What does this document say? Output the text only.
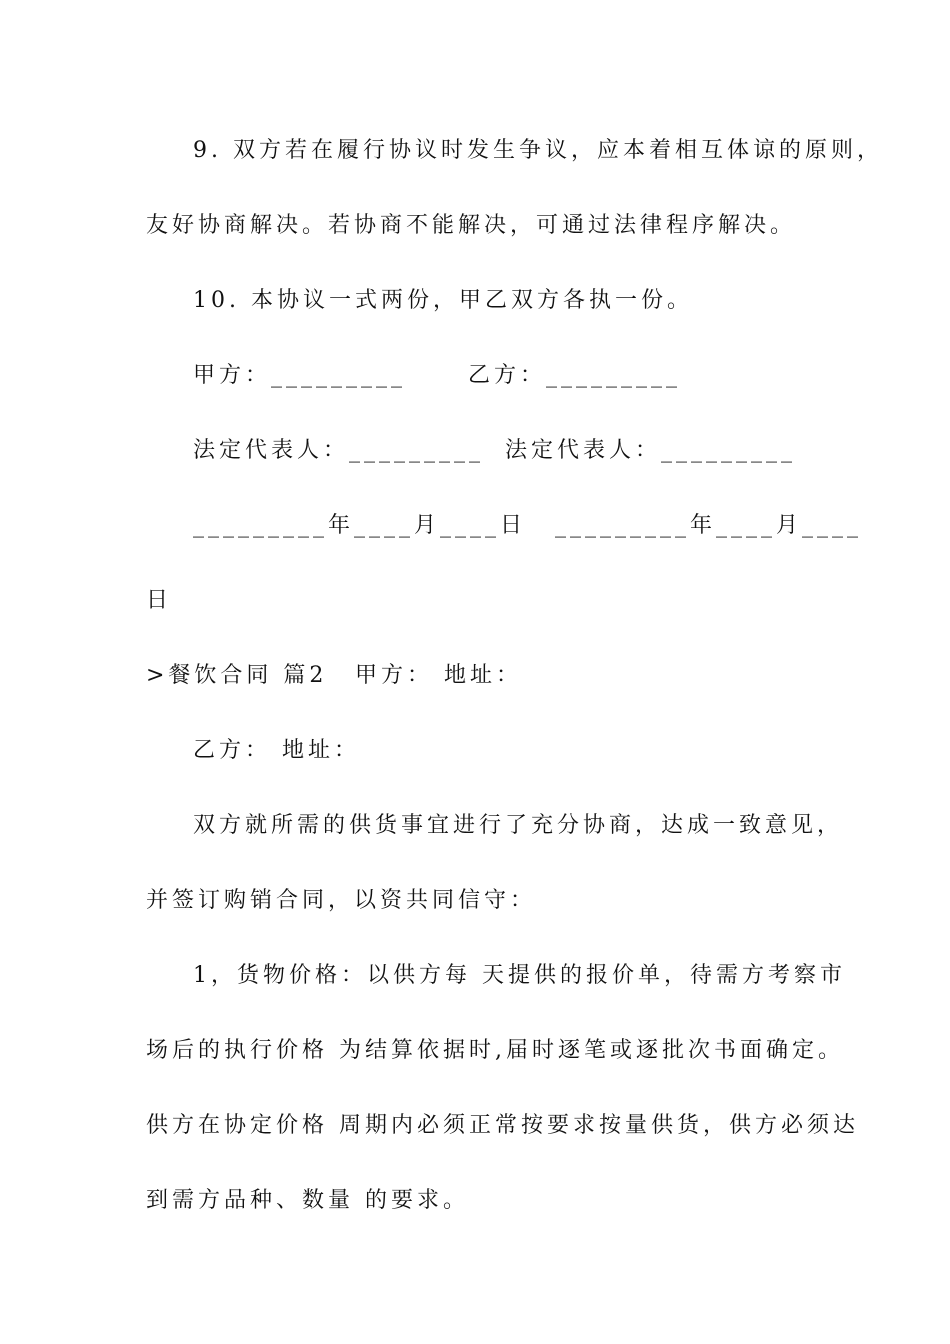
9. 双方若在履行协议时发生争议，应本着相互体谅的原则，
友好协商解决。若协商不能解决，可通过法律程序解决。
10. 本协议一式两份，甲乙双方各执一份。
甲方：_________	乙方：_________
法定代表人：_________ 法定代表人：_________
_________年____月____日 _________年____月____
日
>餐饮合同 篇2 甲方： 地址：
乙方： 地址：
双方就所需的供货事宜进行了充分协商，达成一致意见，
并签订购销合同，以资共同信守：
1，货物价格：以供方每 天提供的报价单，待需方考察市
场后的执行价格 为结算依据时,届时逐笔或逐批次书面确定。
供方在协定价格 周期内必须正常按要求按量供货，供方必须达
到需方品种、数量 的要求。
